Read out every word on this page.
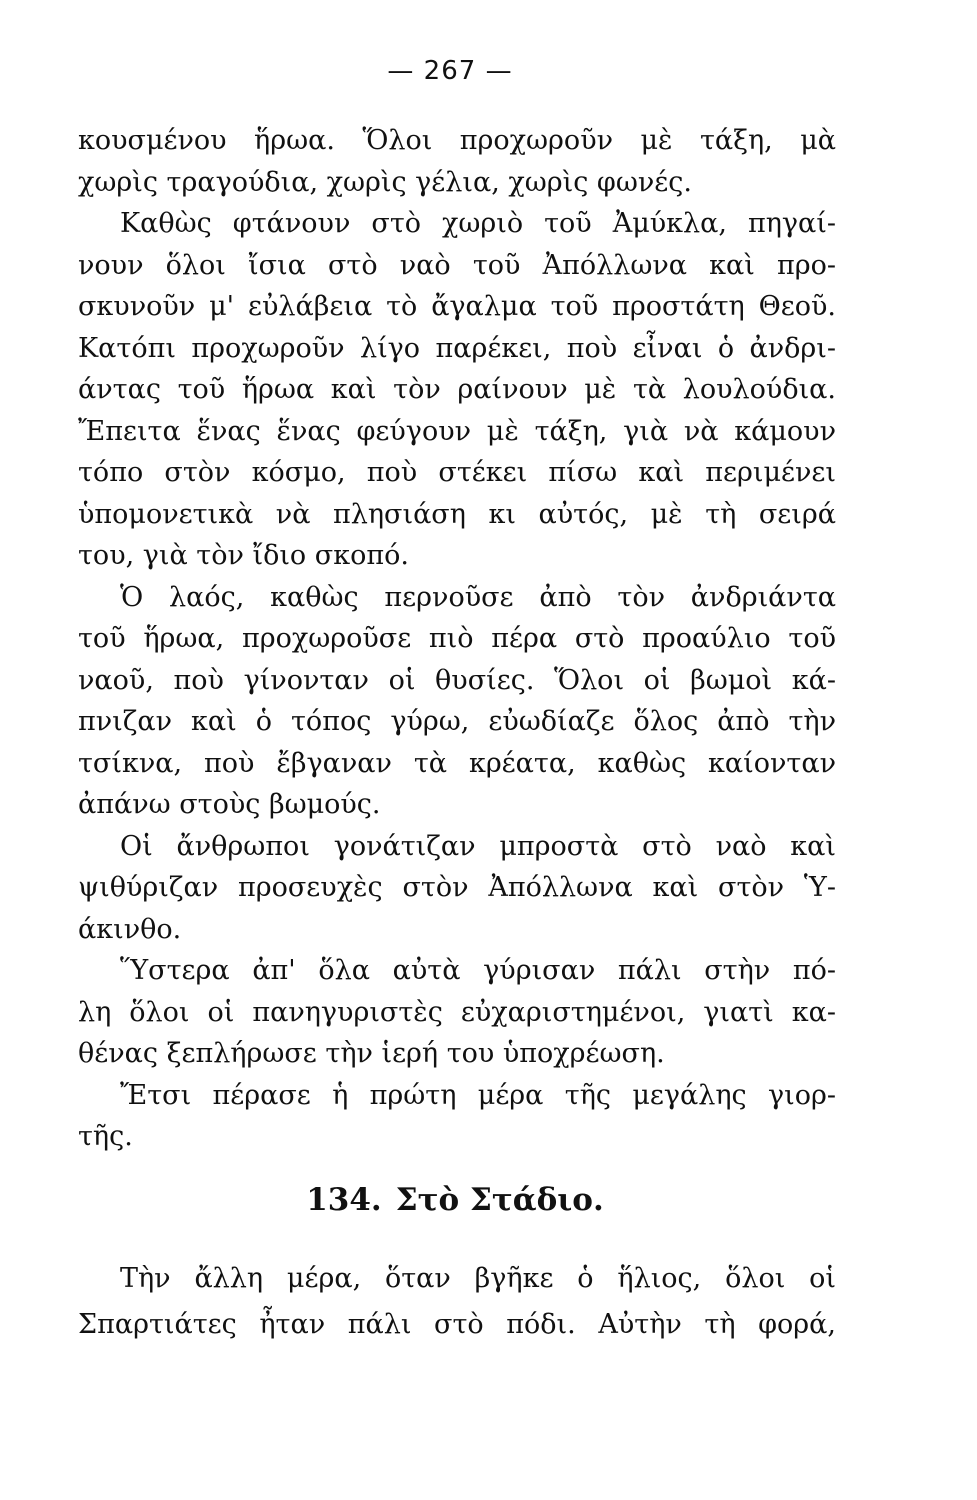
— 267 —
κουσμένου ἥρωα. Ὅλοι προχωροῦν μὲ τάξη, μὰ
χωρὶς τραγούδια, χωρὶς γέλια, χωρὶς φωνές.
Καθὼς φτάνουν στὸ χωριὸ τοῦ Ἀμύκλα, πηγαί-
νουν ὅλοι ἴσια στὸ ναὸ τοῦ Ἀπόλλωνα καὶ προ-
σκυνοῦν μ' εὐλάβεια τὸ ἄγαλμα τοῦ προστάτη Θεοῦ.
Κατόπι προχωροῦν λίγο παρέκει, ποὺ εἶναι ὁ ἀνδρι-
άντας τοῦ ἥρωα καὶ τὸν ραίνουν μὲ τὰ λουλούδια.
Ἔπειτα ἕνας ἕνας φεύγουν μὲ τάξη, γιὰ νὰ κάμουν
τόπο στὸν κόσμο, ποὺ στέκει πίσω καὶ περιμένει
ὑπομονετικὰ νὰ πλησιάση κι αὐτός, μὲ τὴ σειρά
του, γιὰ τὸν ἴδιο σκοπό.
Ὁ λαός, καθὼς περνοῦσε ἀπὸ τὸν ἀνδριάντα
τοῦ ἥρωα, προχωροῦσε πιὸ πέρα στὸ προαύλιο τοῦ
ναοῦ, ποὺ γίνονταν οἱ θυσίες. Ὅλοι οἱ βωμοὶ κά-
πνιζαν καὶ ὁ τόπος γύρω, εὐωδίαζε ὅλος ἀπὸ τὴν
τσίκνα, ποὺ ἔβγαναν τὰ κρέατα, καθὼς καίονταν
ἀπάνω στοὺς βωμούς.
Οἱ ἄνθρωποι γονάτιζαν μπροστὰ στὸ ναὸ καὶ
ψιθύριζαν προσευχὲς στὸν Ἀπόλλωνα καὶ στὸν Ὑ-
άκινθο.
Ὕστερα ἀπ' ὅλα αὐτὰ γύρισαν πάλι στὴν πό-
λη ὅλοι οἱ πανηγυριστὲς εὐχαριστημένοι, γιατὶ κα-
θένας ξεπλήρωσε τὴν ἱερή του ὑποχρέωση.
Ἔτσι πέρασε ἡ πρώτη μέρα τῆς μεγάλης γιορ-
τῆς.
134. Στὸ Στάδιο.
Τὴν ἄλλη μέρα, ὅταν βγῆκε ὁ ἥλιος, ὅλοι οἱ
Σπαρτιάτες ἦταν πάλι στὸ πόδι. Αὐτὴν τὴ φορά,
